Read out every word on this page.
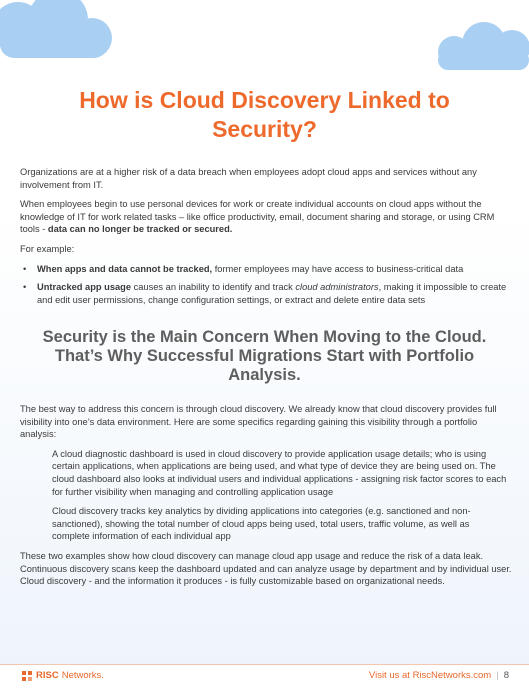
How is Cloud Discovery Linked to Security?

Organizations are at a higher risk of a data breach when employees adopt cloud apps and services without any involvement from IT.

When employees begin to use personal devices for work or create individual accounts on cloud apps without the knowledge of IT for work related tasks – like office productivity, email, document sharing and storage, or using CRM tools - data can no longer be tracked or secured.

For example:

• When apps and data cannot be tracked, former employees may have access to business-critical data
• Untracked app usage causes an inability to identify and track cloud administrators, making it impossible to create and edit user permissions, change configuration settings, or extract and delete entire data sets
Security is the Main Concern When Moving to the Cloud. That’s Why Successful Migrations Start with Portfolio Analysis.

The best way to address this concern is through cloud discovery. We already know that cloud discovery provides full visibility into one’s data environment. Here are some specifics regarding gaining this visibility through a portfolio analysis:

A cloud diagnostic dashboard is used in cloud discovery to provide application usage details; who is using certain applications, when applications are being used, and what type of device they are being used on. The cloud dashboard also looks at individual users and individual applications - assigning risk factor scores to each for further visibility when managing and controlling application usage

Cloud discovery tracks key analytics by dividing applications into categories (e.g. sanctioned and non-sanctioned), showing the total number of cloud apps being used, total users, traffic volume, as well as complete information of each individual app

These two examples show how cloud discovery can manage cloud app usage and reduce the risk of a data leak. Continuous discovery scans keep the dashboard updated and can analyze usage by department and by individual user. Cloud discovery - and the information it produces - is fully customizable based on organizational needs.

RISC Networks.	Visit us at RiscNetworks.com | 8
